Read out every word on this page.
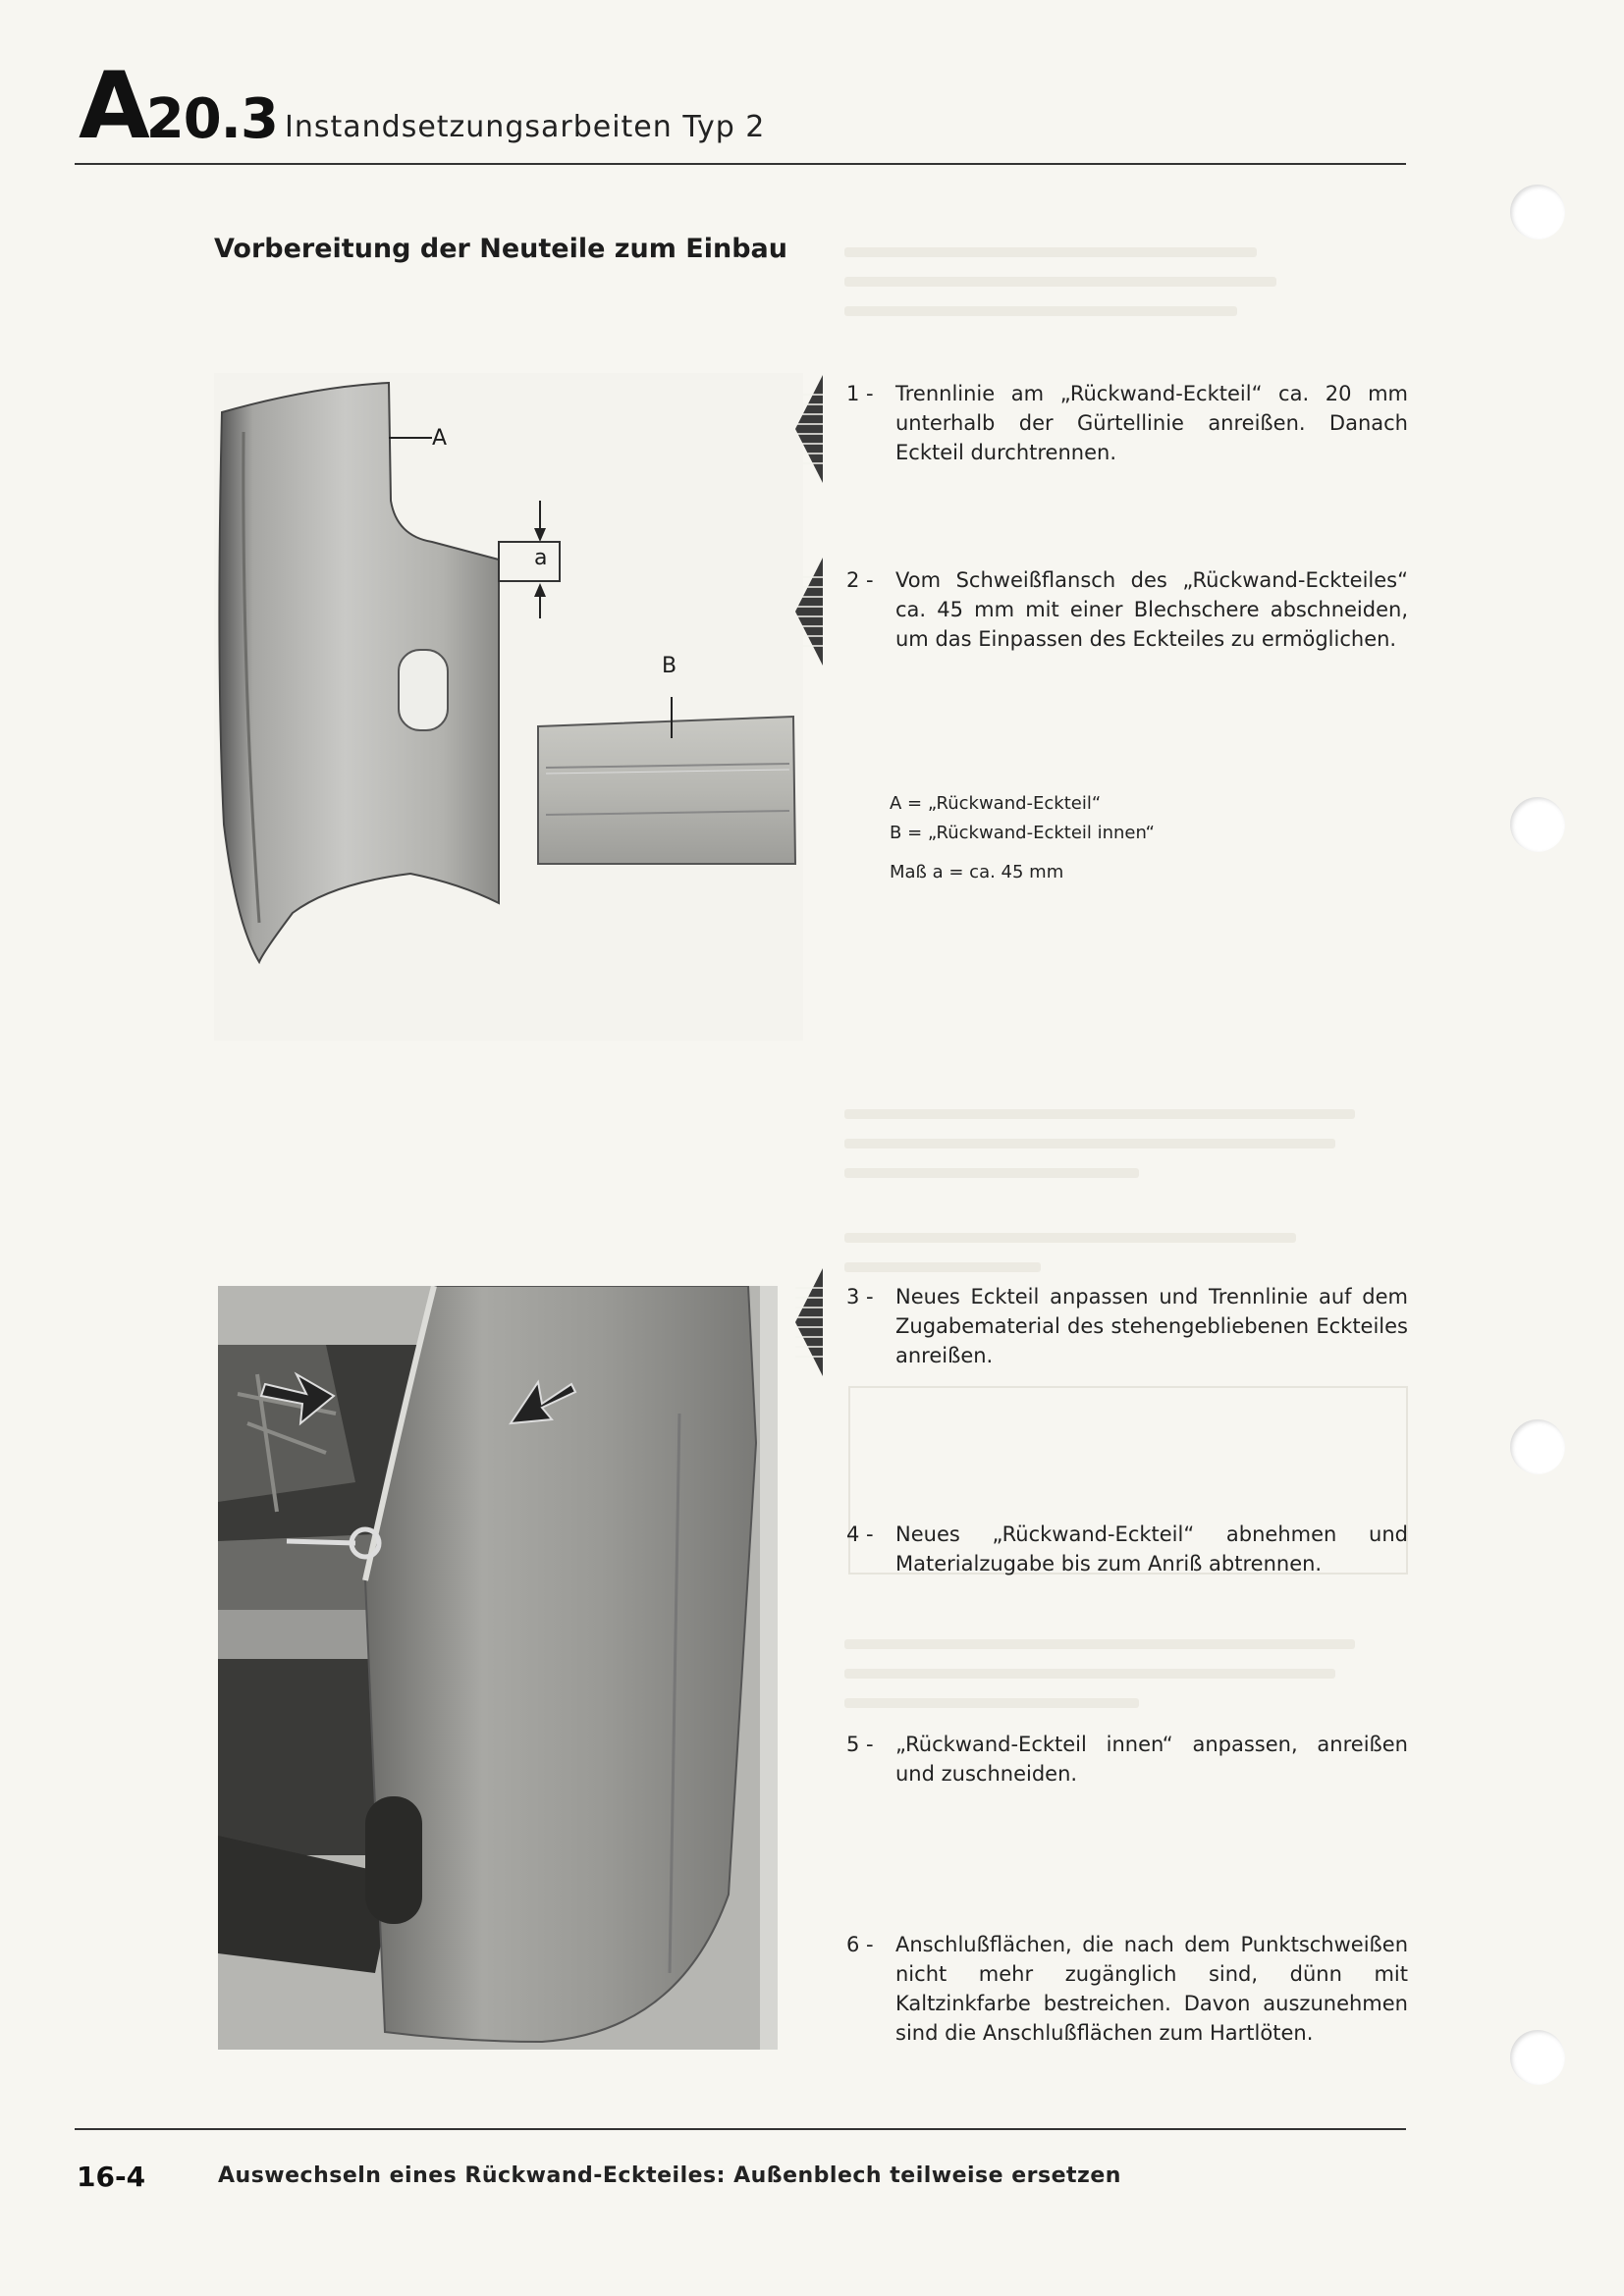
A20.3 Instandsetzungsarbeiten Typ 2
Vorbereitung der Neuteile zum Einbau
A
B
a
1 -	Trennlinie am „Rückwand-Eckteil“ ca. 20 mm unterhalb der Gürtellinie anreißen. Danach Eckteil durchtrennen.
2 -	Vom Schweißflansch des „Rückwand-Eckteiles“ ca. 45 mm mit einer Blechschere abschneiden, um das Einpassen des Eckteiles zu ermöglichen.
3 -	Neues Eckteil anpassen und Trennlinie auf dem Zugabematerial des stehengebliebenen Eckteiles anreißen.
4 -	Neues „Rückwand-Eckteil“ abnehmen und Materialzugabe bis zum Anriß abtrennen.
5 -	„Rückwand-Eckteil innen“ anpassen, anreißen und zuschneiden.
6 -	Anschlußflächen, die nach dem Punktschweißen nicht mehr zugänglich sind, dünn mit Kaltzinkfarbe bestreichen. Davon auszunehmen sind die Anschlußflächen zum Hartlöten.
A = „Rückwand-Eckteil“
B = „Rückwand-Eckteil innen“
Maß a = ca. 45 mm
16-4	Auswechseln eines Rückwand-Eckteiles: Außenblech teilweise ersetzen
